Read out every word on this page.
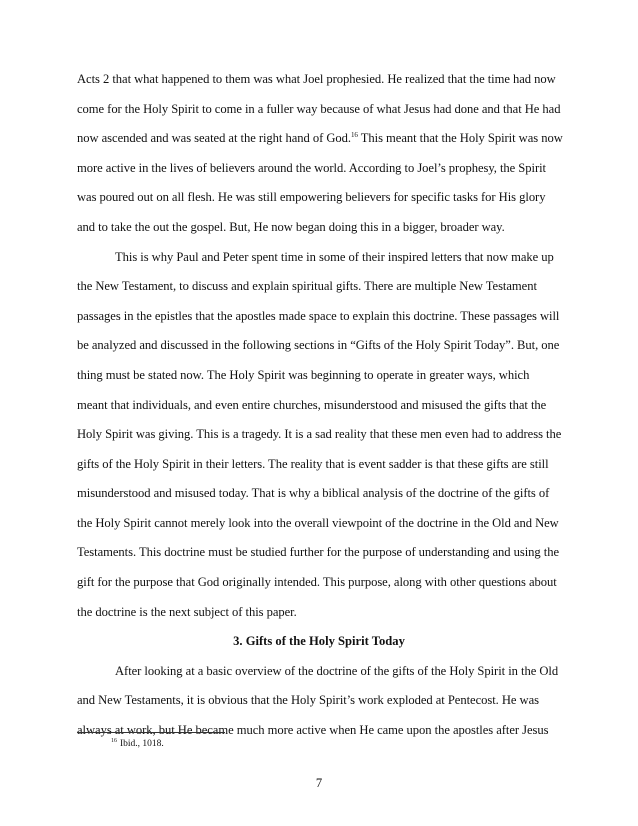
Acts 2 that what happened to them was what Joel prophesied. He realized that the time had now
come for the Holy Spirit to come in a fuller way because of what Jesus had done and that He had
now ascended and was seated at the right hand of God.$^{16}$ This meant that the Holy Spirit was now
more active in the lives of believers around the world. According to Joel’s prophesy, the Spirit
was poured out on all flesh. He was still empowering believers for specific tasks for His glory
and to take the out the gospel. But, He now began doing this in a bigger, broader way.
This is why Paul and Peter spent time in some of their inspired letters that now make up
the New Testament, to discuss and explain spiritual gifts. There are multiple New Testament
passages in the epistles that the apostles made space to explain this doctrine. These passages will
be analyzed and discussed in the following sections in “Gifts of the Holy Spirit Today”. But, one
thing must be stated now. The Holy Spirit was beginning to operate in greater ways, which
meant that individuals, and even entire churches, misunderstood and misused the gifts that the
Holy Spirit was giving. This is a tragedy. It is a sad reality that these men even had to address the
gifts of the Holy Spirit in their letters. The reality that is event sadder is that these gifts are still
misunderstood and misused today. That is why a biblical analysis of the doctrine of the gifts of
the Holy Spirit cannot merely look into the overall viewpoint of the doctrine in the Old and New
Testaments. This doctrine must be studied further for the purpose of understanding and using the
gift for the purpose that God originally intended. This purpose, along with other questions about
the doctrine is the next subject of this paper.
3. Gifts of the Holy Spirit Today
After looking at a basic overview of the doctrine of the gifts of the Holy Spirit in the Old
and New Testaments, it is obvious that the Holy Spirit’s work exploded at Pentecost. He was
always at work, but He became much more active when He came upon the apostles after Jesus
$^{16}$ Ibid., 1018.
7
